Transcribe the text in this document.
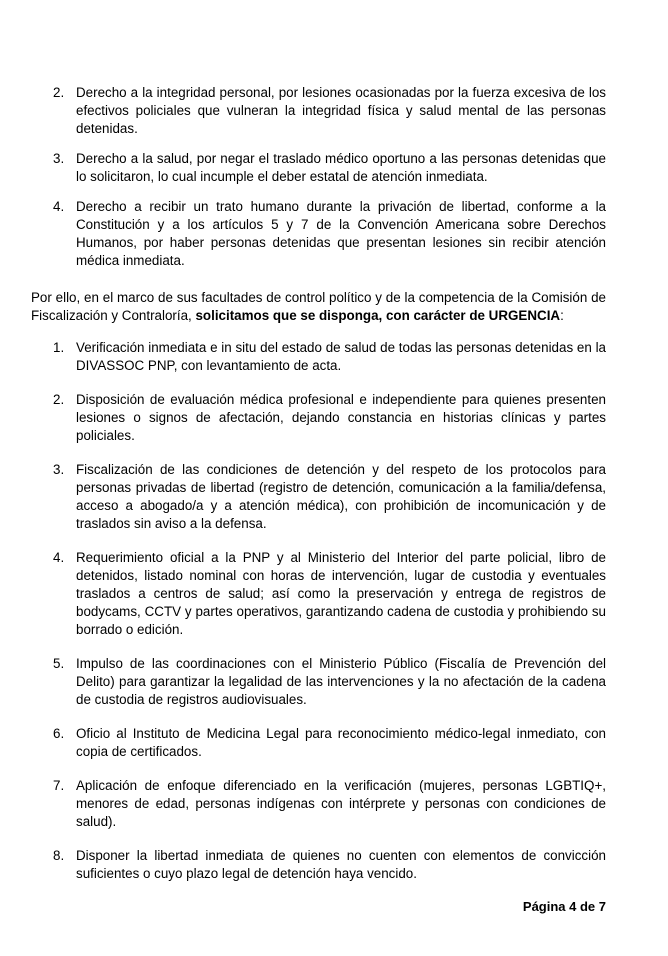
2. Derecho a la integridad personal, por lesiones ocasionadas por la fuerza excesiva de los efectivos policiales que vulneran la integridad física y salud mental de las personas detenidas.
3. Derecho a la salud, por negar el traslado médico oportuno a las personas detenidas que lo solicitaron, lo cual incumple el deber estatal de atención inmediata.
4. Derecho a recibir un trato humano durante la privación de libertad, conforme a la Constitución y a los artículos 5 y 7 de la Convención Americana sobre Derechos Humanos, por haber personas detenidas que presentan lesiones sin recibir atención médica inmediata.

Por ello, en el marco de sus facultades de control político y de la competencia de la Comisión de Fiscalización y Contraloría, solicitamos que se disponga, con carácter de URGENCIA:

1. Verificación inmediata e in situ del estado de salud de todas las personas detenidas en la DIVASSOC PNP, con levantamiento de acta.
2. Disposición de evaluación médica profesional e independiente para quienes presenten lesiones o signos de afectación, dejando constancia en historias clínicas y partes policiales.
3. Fiscalización de las condiciones de detención y del respeto de los protocolos para personas privadas de libertad (registro de detención, comunicación a la familia/defensa, acceso a abogado/a y a atención médica), con prohibición de incomunicación y de traslados sin aviso a la defensa.
4. Requerimiento oficial a la PNP y al Ministerio del Interior del parte policial, libro de detenidos, listado nominal con horas de intervención, lugar de custodia y eventuales traslados a centros de salud; así como la preservación y entrega de registros de bodycams, CCTV y partes operativos, garantizando cadena de custodia y prohibiendo su borrado o edición.
5. Impulso de las coordinaciones con el Ministerio Público (Fiscalía de Prevención del Delito) para garantizar la legalidad de las intervenciones y la no afectación de la cadena de custodia de registros audiovisuales.
6. Oficio al Instituto de Medicina Legal para reconocimiento médico-legal inmediato, con copia de certificados.
7. Aplicación de enfoque diferenciado en la verificación (mujeres, personas LGBTIQ+, menores de edad, personas indígenas con intérprete y personas con condiciones de salud).
8. Disponer la libertad inmediata de quienes no cuenten con elementos de convicción suficientes o cuyo plazo legal de detención haya vencido.
Página 4 de 7
